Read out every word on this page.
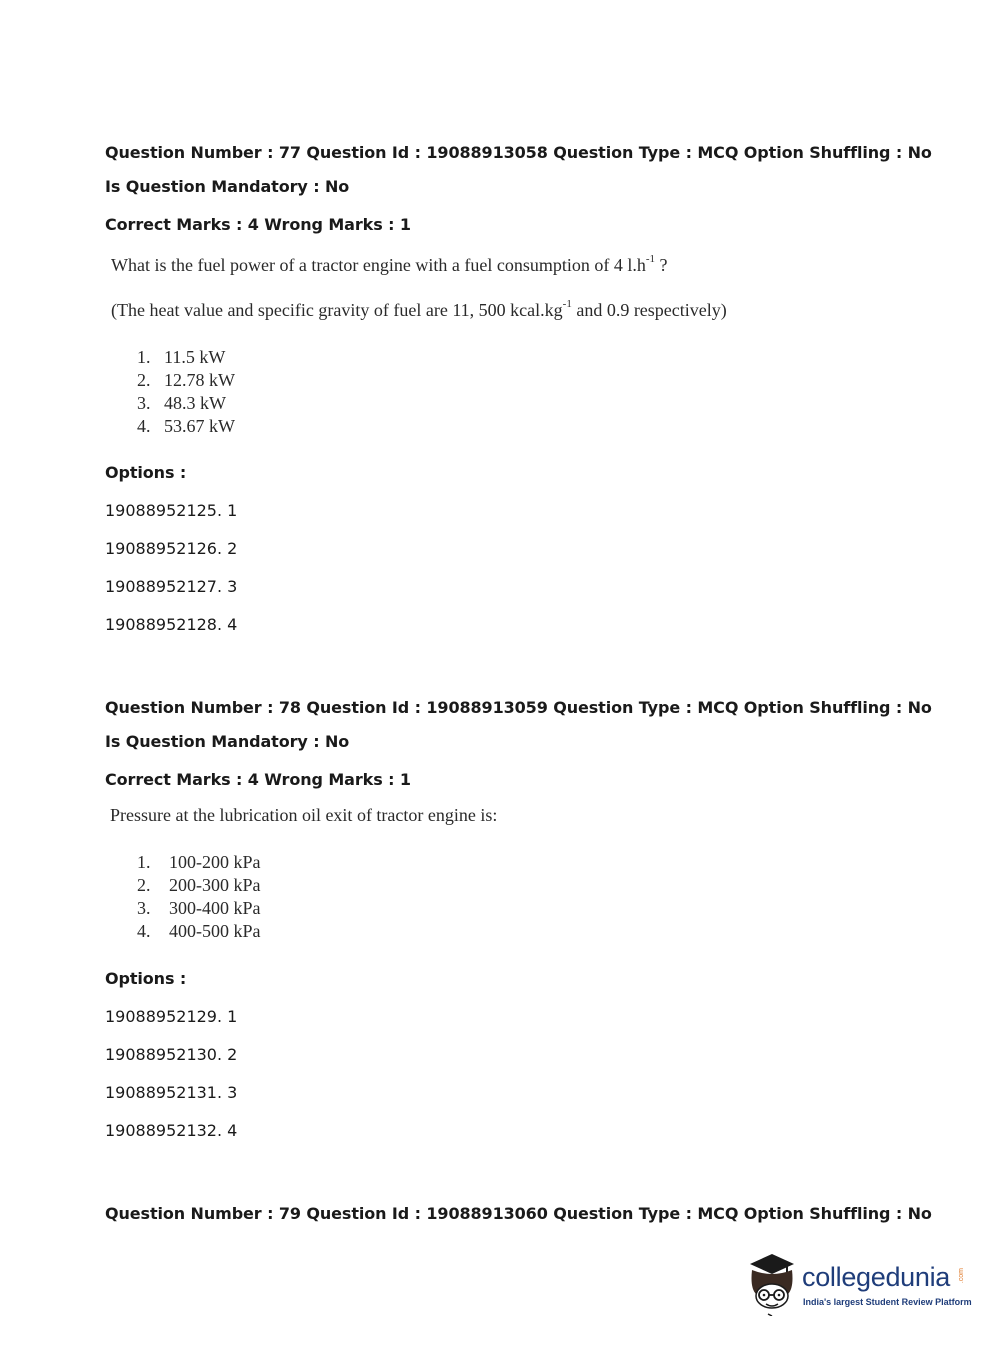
Question Number : 77 Question Id : 19088913058 Question Type : MCQ Option Shuffling : No
Is Question Mandatory : No
Correct Marks : 4 Wrong Marks : 1
What is the fuel power of a tractor engine with a fuel consumption of 4 $l.h^{-1}$ ?
(The heat value and specific gravity of fuel are 11, 500 $kcal.kg^{-1}$ and 0.9 respectively)
1. 11.5 kW
2. 12.78 kW
3. 48.3 kW
4. 53.67 kW
Options :
19088952125. 1
19088952126. 2
19088952127. 3
19088952128. 4
Question Number : 78 Question Id : 19088913059 Question Type : MCQ Option Shuffling : No
Is Question Mandatory : No
Correct Marks : 4 Wrong Marks : 1
Pressure at the lubrication oil exit of tractor engine is:
1. 100-200 kPa
2. 200-300 kPa
3. 300-400 kPa
4. 400-500 kPa
Options :
19088952129. 1
19088952130. 2
19088952131. 3
19088952132. 4
Question Number : 79 Question Id : 19088913060 Question Type : MCQ Option Shuffling : No
collegedunia .com
India's largest Student Review Platform
